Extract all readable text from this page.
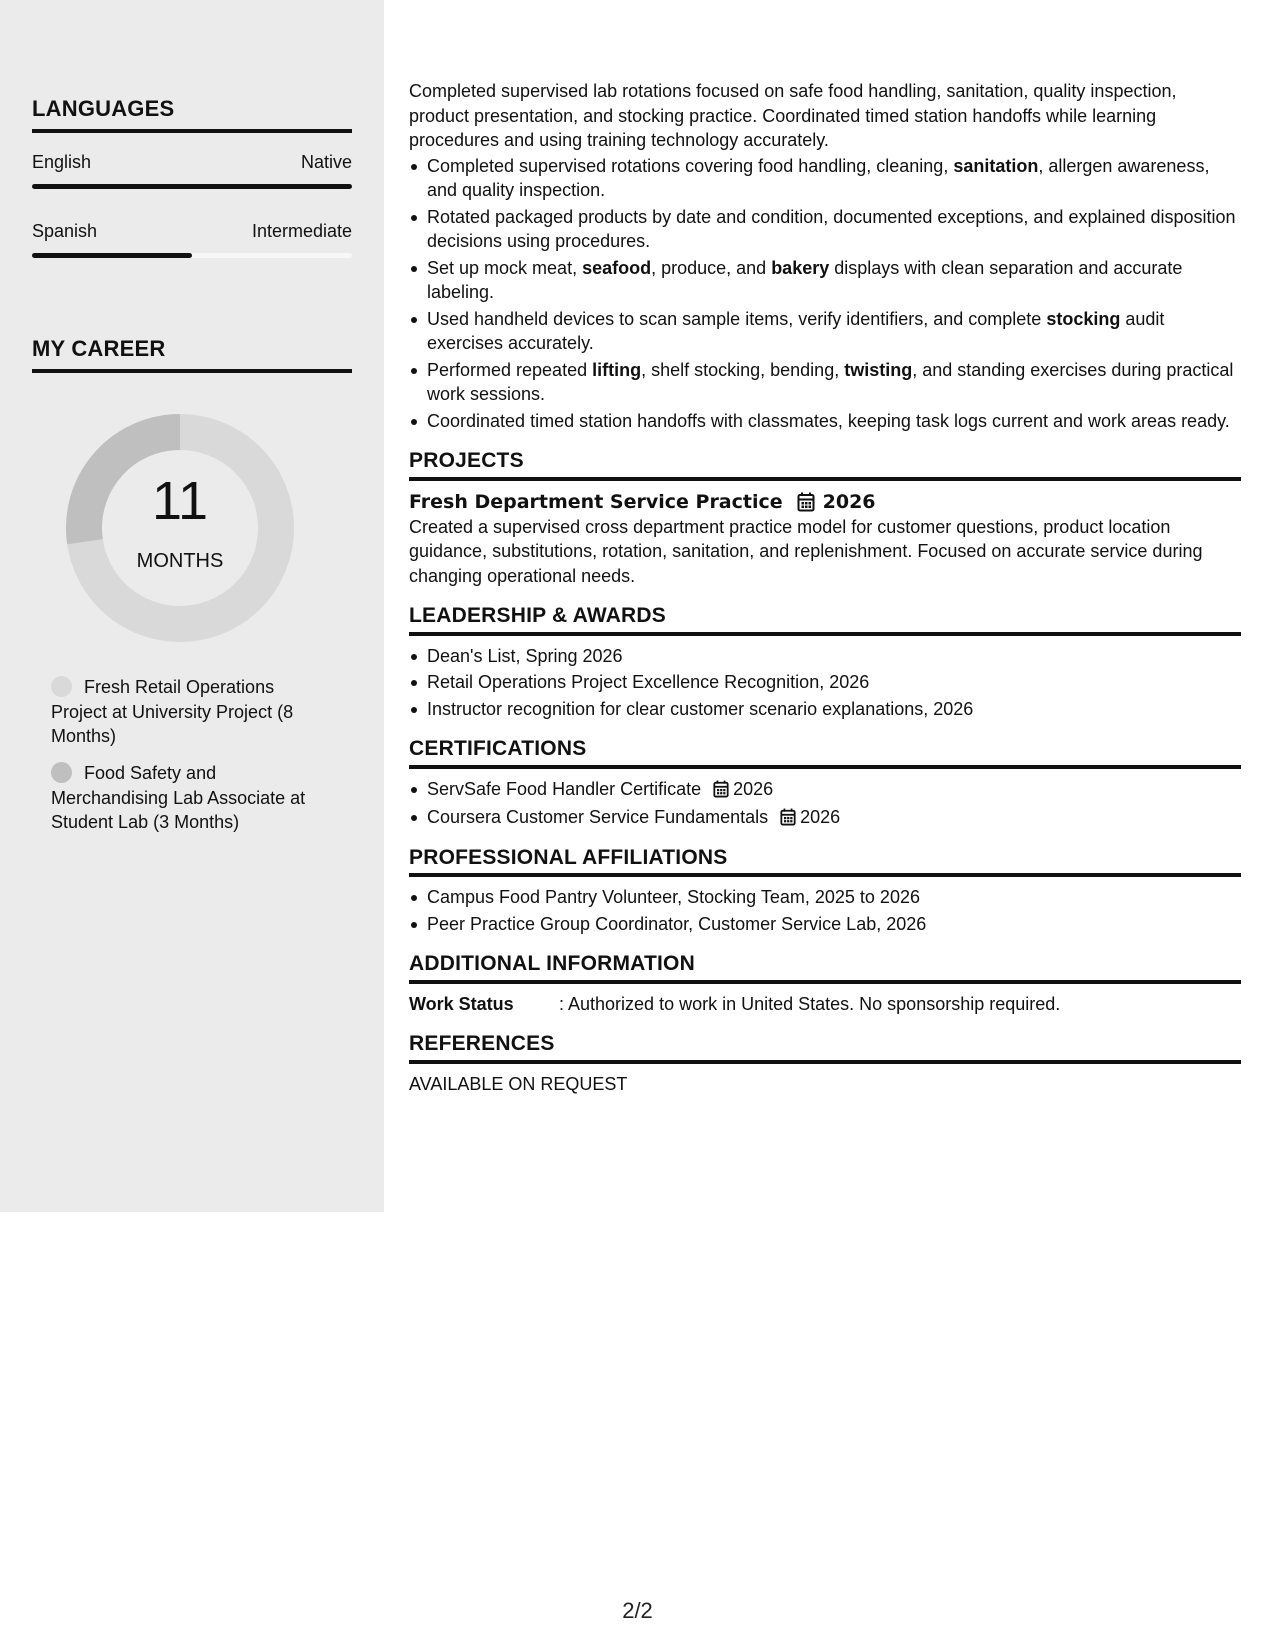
LANGUAGES
English	Native
Spanish	Intermediate
MY CAREER
11
MONTHS
Fresh Retail Operations Project at University Project (8 Months)
Food Safety and Merchandising Lab Associate at Student Lab (3 Months)

Completed supervised lab rotations focused on safe food handling, sanitation, quality inspection, product presentation, and stocking practice. Coordinated timed station handoffs while learning procedures and using training technology accurately.

Completed supervised rotations covering food handling, cleaning, sanitation, allergen awareness, and quality inspection.
Rotated packaged products by date and condition, documented exceptions, and explained disposition decisions using procedures.
Set up mock meat, seafood, produce, and bakery displays with clean separation and accurate labeling.
Used handheld devices to scan sample items, verify identifiers, and complete stocking audit exercises accurately.
Performed repeated lifting, shelf stocking, bending, twisting, and standing exercises during practical work sessions.
Coordinated timed station handoffs with classmates, keeping task logs current and work areas ready.
PROJECTS
Fresh Department Service Practice 2026

Created a supervised cross department practice model for customer questions, product location guidance, substitutions, rotation, sanitation, and replenishment. Focused on accurate service during changing operational needs.

LEADERSHIP & AWARDS
Dean's List, Spring 2026
Retail Operations Project Excellence Recognition, 2026
Instructor recognition for clear customer scenario explanations, 2026
CERTIFICATIONS
ServSafe Food Handler Certificate 2026
Coursera Customer Service Fundamentals 2026
PROFESSIONAL AFFILIATIONS
Campus Food Pantry Volunteer, Stocking Team, 2025 to 2026
Peer Practice Group Coordinator, Customer Service Lab, 2026
ADDITIONAL INFORMATION
Work Status	: Authorized to work in United States. No sponsorship required.
REFERENCES

AVAILABLE ON REQUEST

2/2
